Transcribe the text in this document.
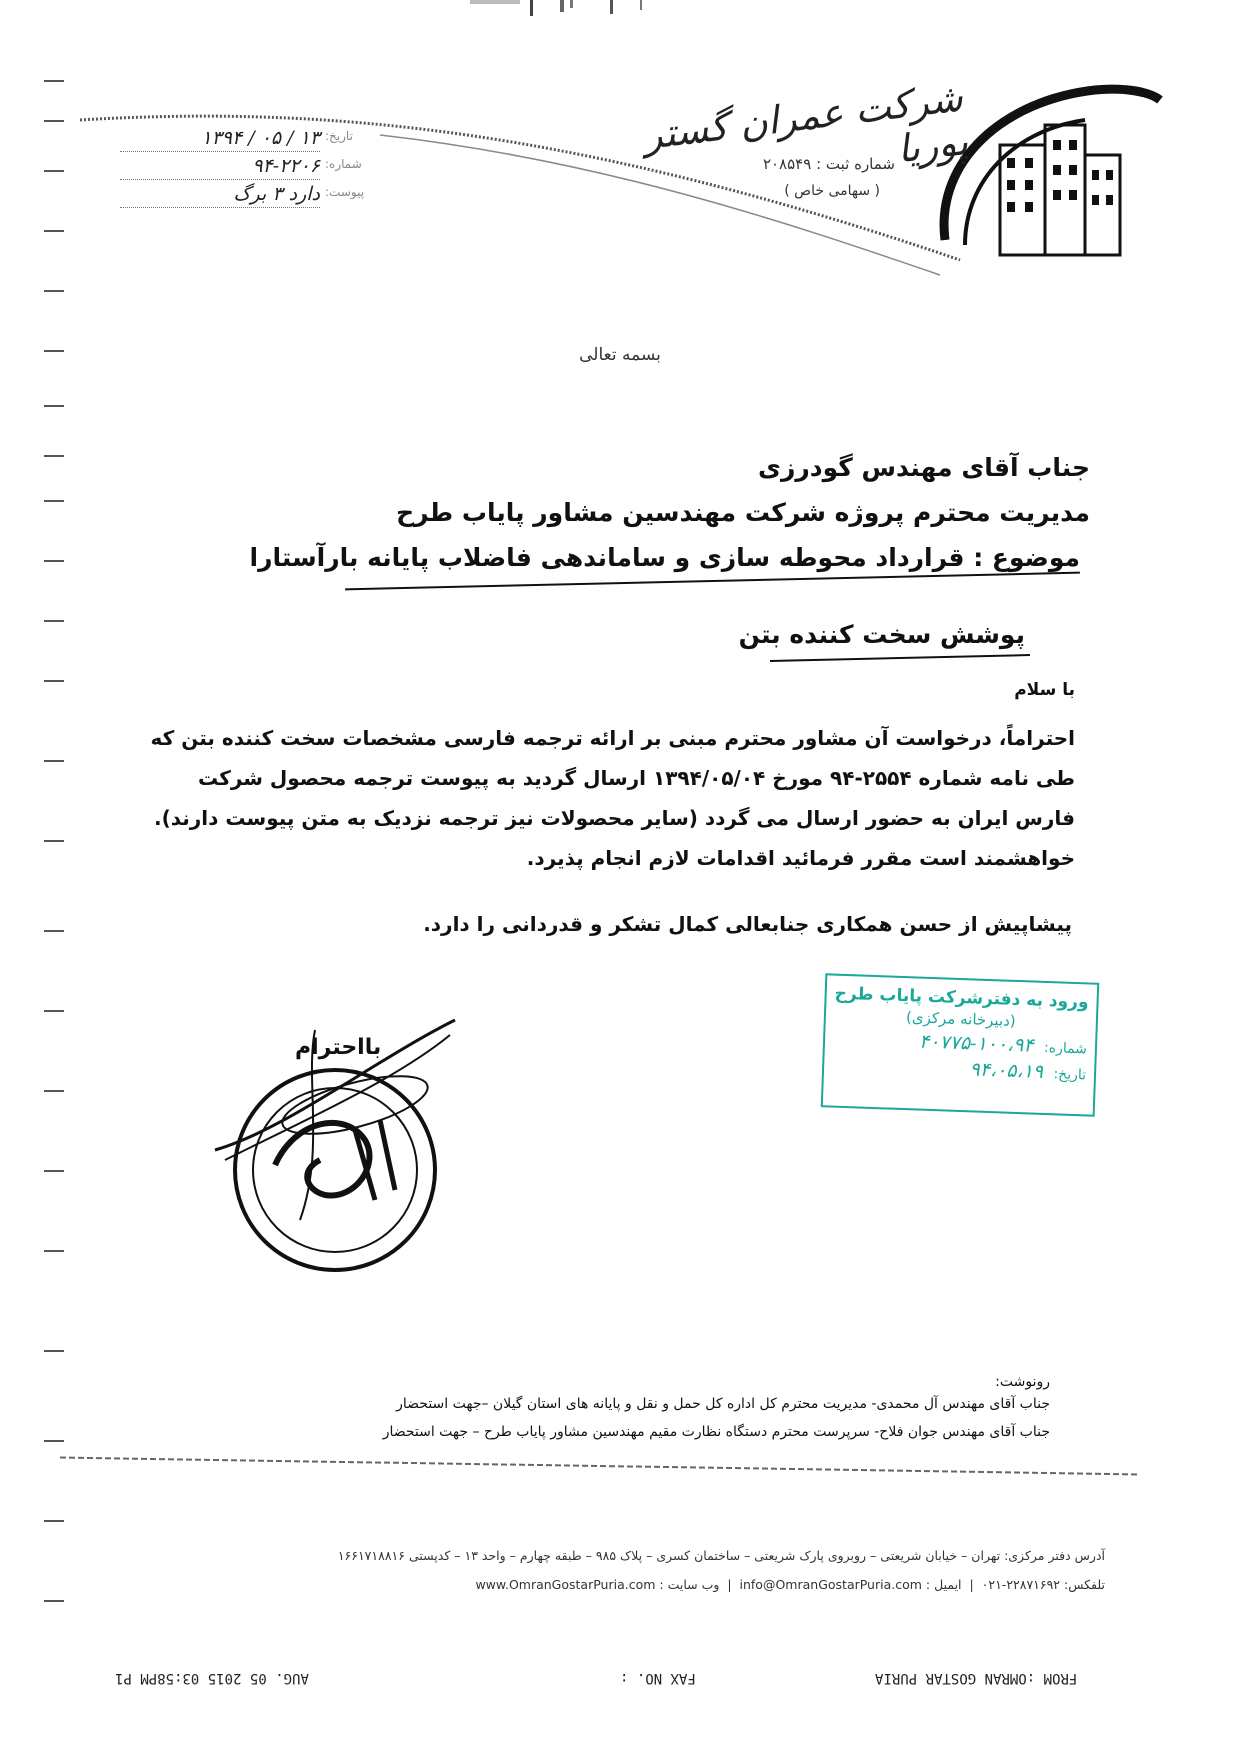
شرکت عمران گستر پوریا
شماره ثبت : ۲۰۸۵۴۹
( سهامی خاص )
۱۳۹۴ / ۰۵ / ۱۳ تاریخ:
۹۴-۲۲۰۶ شماره:
دارد ۳ برگ پیوست:
بسمه تعالی
جناب آقای مهندس گودرزی
مدیریت محترم پروژه شرکت مهندسین مشاور پایاب طرح
موضوع : قرارداد محوطه سازی و ساماندهی فاضلاب پایانه بارآستارا
پوشش سخت کننده بتن
با سلام
احتراماً، درخواست آن مشاور محترم مبنی بر ارائه ترجمه فارسی مشخصات سخت کننده بتن که
طی نامه شماره ۲۵۵۴-۹۴ مورخ ۱۳۹۴/۰۵/۰۴ ارسال گردید به پیوست ترجمه محصول شرکت
فارس ایران به حضور ارسال می گردد (سایر محصولات نیز ترجمه نزدیک به متن پیوست دارند).
خواهشمند است مقرر فرمائید اقدامات لازم انجام پذیرد.
پیشاپیش از حسن همکاری جنابعالی کمال تشکر و قدردانی را دارد.
ورود به دفترشرکت پایاب طرح
(دبیرخانه مرکزی)
شماره: ۱۰۰،۹۴-۴۰۷۷۵
تاریخ: ۹۴،۰۵،۱۹
بااحترام
رونوشت:
جناب آقای مهندس آل محمدی- مدیریت محترم کل اداره کل حمل و نقل و پایانه های استان گیلان –جهت استحضار
جناب آقای مهندس جوان فلاح- سرپرست محترم دستگاه نظارت مقیم مهندسین مشاور پایاب طرح – جهت استحضار
آدرس دفتر مرکزی: تهران – خیابان شریعتی – روبروی پارک شریعتی – ساختمان کسری – پلاک ۹۸۵ – طبقه چهارم – واحد ۱۳ – کدپستی ۱۶۶۱۷۱۸۸۱۶
تلفکس: ۲۲۸۷۱۶۹۲-۰۲۱  |  ایمیل : info@OmranGostarPuria.com  |  وب سایت : www.OmranGostarPuria.com
AUG. 05 2015 03:58PM P1	FAX NO. :	FROM :OMRAN GOSTAR PURIA
